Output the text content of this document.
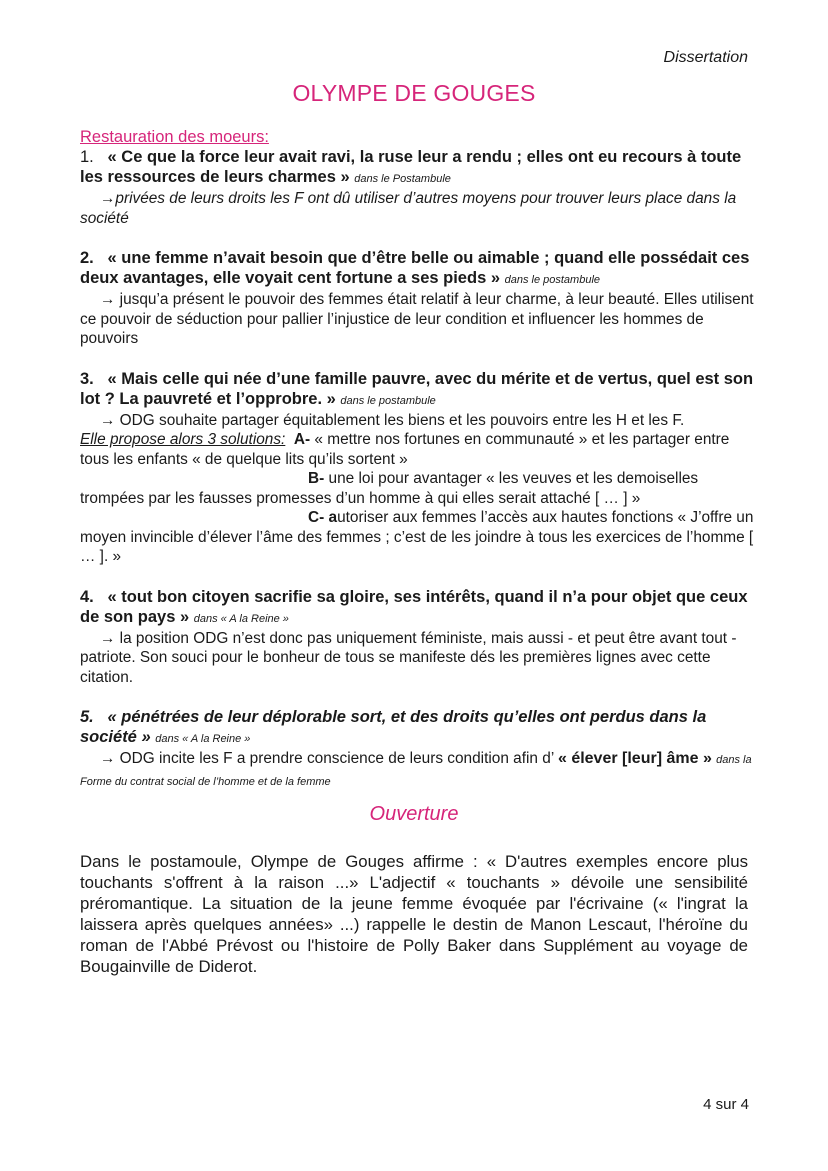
Dissertation
OLYMPE DE GOUGES
Restauration des moeurs:

1. « Ce que la force leur avait ravi, la ruse leur a rendu ; elles ont eu recours à toute les ressources de leurs charmes » dans le Postambule

→privées de leurs droits les F ont dû utiliser d’autres moyens pour trouver leurs place dans la société

2. « une femme n’avait besoin que d’être belle ou aimable ; quand elle possédait ces deux avantages, elle voyait cent fortune a ses pieds » dans le postambule

→ jusqu’a présent le pouvoir des femmes était relatif à leur charme, à leur beauté. Elles utilisent ce pouvoir de séduction pour pallier l’injustice de leur condition et influencer les hommes de pouvoirs

3. « Mais celle qui née d’une famille pauvre, avec du mérite et de vertus, quel est son lot ? La pauvreté et l’opprobre. » dans le postambule

→ ODG souhaite partager équitablement les biens et les pouvoirs entre les H et les F.

Elle propose alors 3 solutions: A- « mettre nos fortunes en communauté » et les partager entre tous les enfants « de quelque lits qu’ils sortent »

B- une loi pour avantager « les veuves et les demoiselles trompées par les fausses promesses d’un homme à qui elles serait attaché [ … ] »

C- autoriser aux femmes l’accès aux hautes fonctions « J’offre un moyen invincible d’élever l’âme des femmes ; c’est de les joindre à tous les exercices de l’homme [ … ]. »

4. « tout bon citoyen sacrifie sa gloire, ses intérêts, quand il n’a pour objet que ceux de son pays » dans « A la Reine »

→ la position ODG n’est donc pas uniquement féministe, mais aussi - et peut être avant tout - patriote. Son souci pour le bonheur de tous se manifeste dés les premières lignes avec cette citation.

5. « pénétrées de leur déplorable sort, et des droits qu’elles ont perdus dans la société » dans « A la Reine »

→ ODG incite les F a prendre conscience de leurs condition afin d’ « élever [leur] âme » dans la Forme du contrat social de l’homme et de la femme

Ouverture

Dans le postamoule, Olympe de Gouges affirme : « D'autres exemples encore plus touchants s'offrent à la raison ...» L'adjectif « touchants » dévoile une sensibilité préromantique. La situation de la jeune femme évoquée par l'écrivaine (« l'ingrat la laissera après quelques années» ...) rappelle le destin de Manon Lescaut, l'héroïne du roman de l'Abbé Prévost ou l'histoire de Polly Baker dans Supplément au voyage de Bougainville de Diderot.

4 sur 4
